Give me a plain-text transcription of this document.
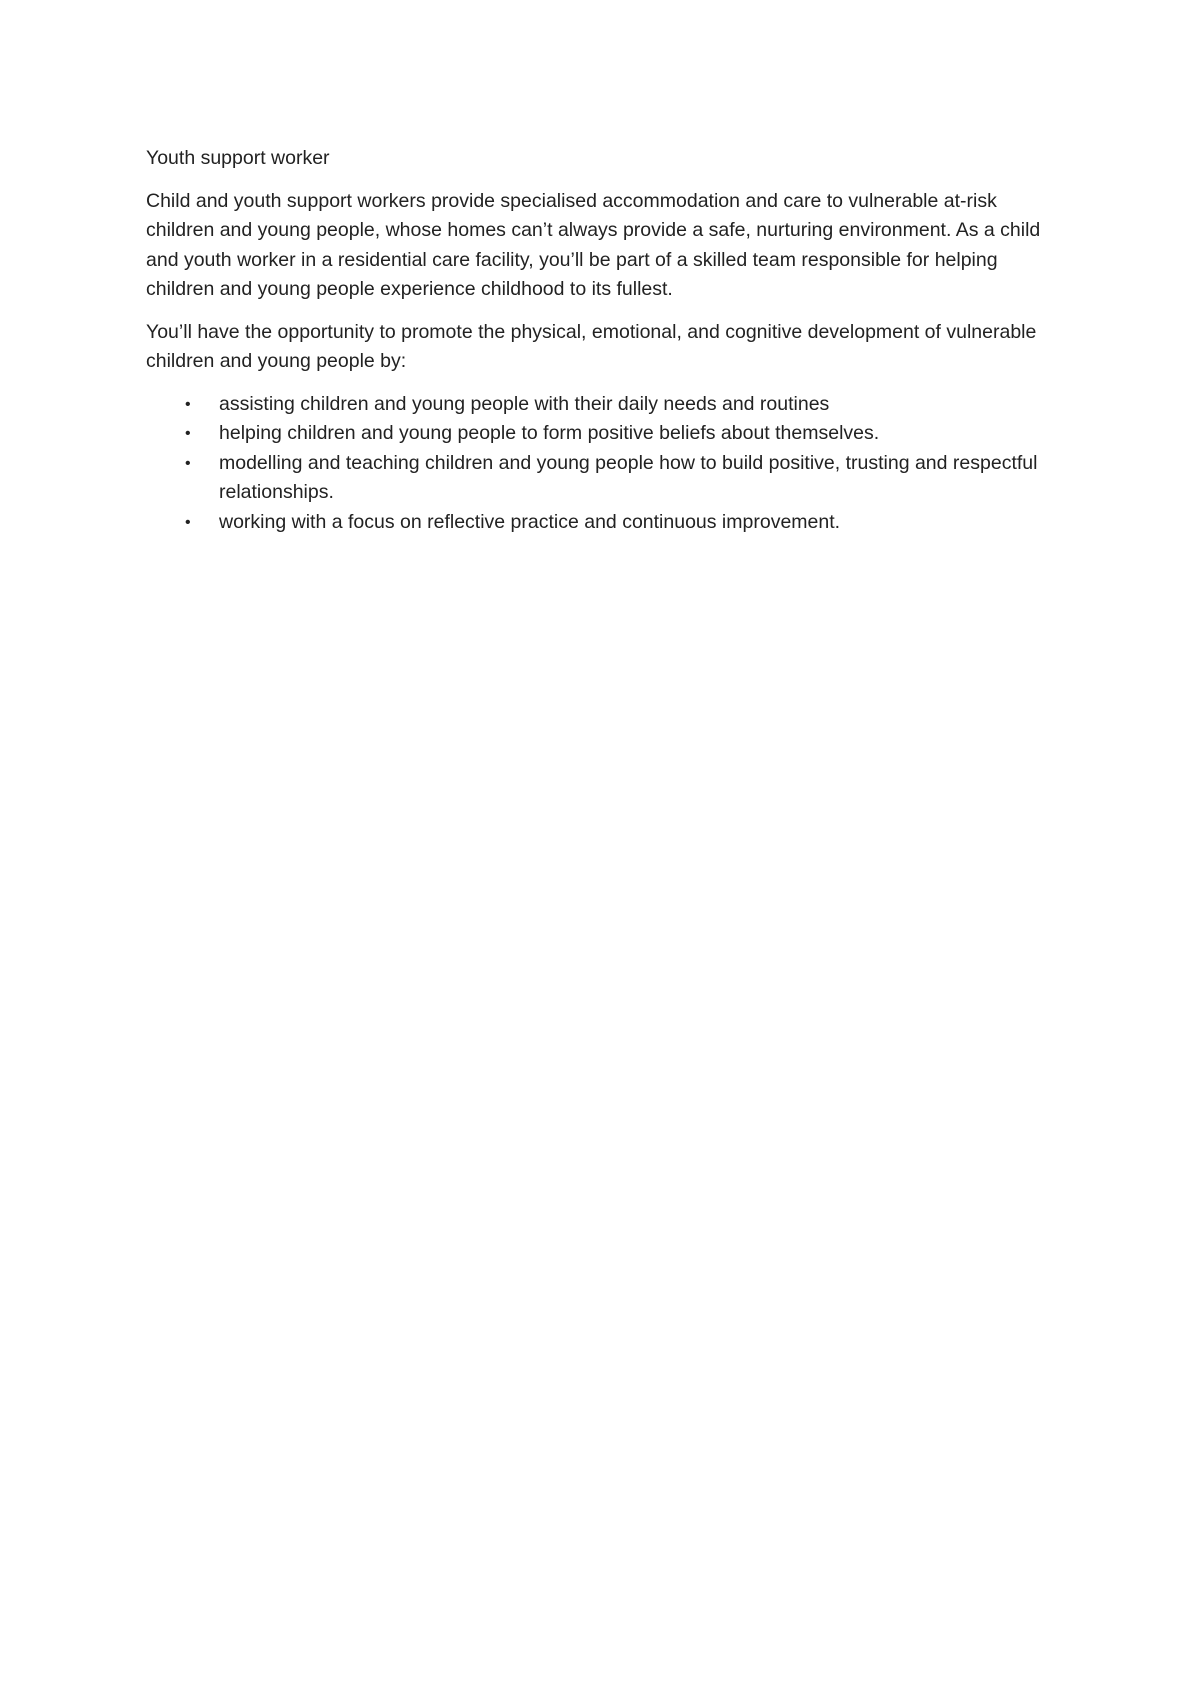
Youth support worker

Child and youth support workers provide specialised accommodation and care to vulnerable at-risk children and young people, whose homes can’t always provide a safe, nurturing environment. As a child and youth worker in a residential care facility, you’ll be part of a skilled team responsible for helping children and young people experience childhood to its fullest.

You’ll have the opportunity to promote the physical, emotional, and cognitive development of vulnerable children and young people by:

• assisting children and young people with their daily needs and routines
• helping children and young people to form positive beliefs about themselves.
• modelling and teaching children and young people how to build positive, trusting and respectful relationships.
• working with a focus on reflective practice and continuous improvement.
